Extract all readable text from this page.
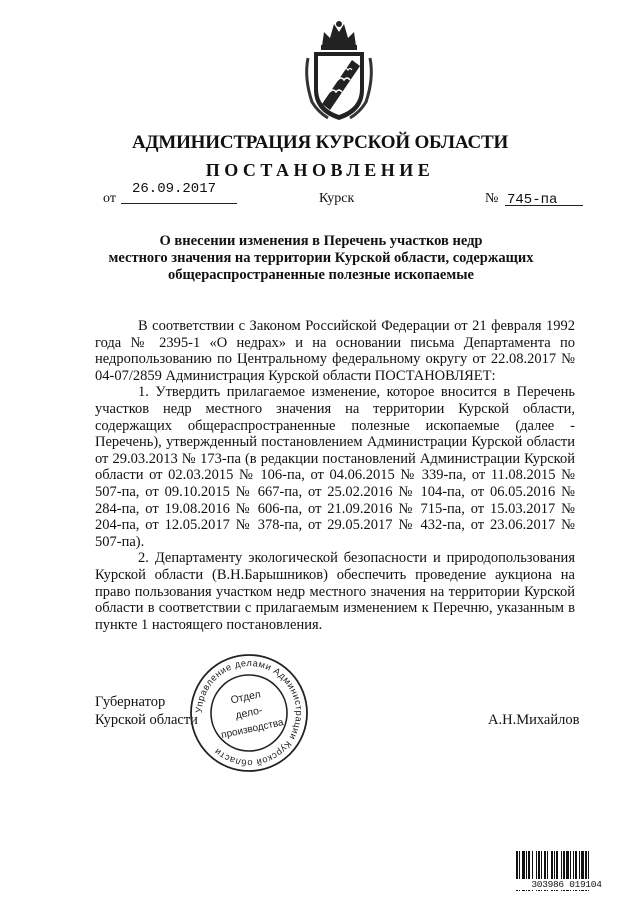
АДМИНИСТРАЦИЯ КУРСКОЙ ОБЛАСТИ
ПОСТАНОВЛЕНИЕ
от
26.09.2017
Курск	№ 745-па
О внесении изменения в Перечень участков недр
местного значения на территории Курской области, содержащих
общераспространенные полезные ископаемые

В соответствии с Законом Российской Федерации от 21 февраля 1992 года № 2395-1 «О недрах» и на основании письма Департамента по недропользованию по Центральному федеральному округу от 22.08.2017 № 04-07/2859 Администрация Курской области ПОСТАНОВЛЯЕТ:

1. Утвердить прилагаемое изменение, которое вносится в Перечень участков недр местного значения на территории Курской области, содержащих общераспространенные полезные ископаемые (далее - Перечень), утвержденный постановлением Администрации Курской области от 29.03.2013 № 173-па (в редакции постановлений Администрации Курской области от 02.03.2015 № 106-па, от 04.06.2015 № 339-па, от 11.08.2015 № 507-па, от 09.10.2015 № 667-па, от 25.02.2016 № 104-па, от 06.05.2016 № 284-па, от 19.08.2016 № 606-па, от 21.09.2016 № 715-па, от 15.03.2017 № 204-па, от 12.05.2017 № 378-па, от 29.05.2017 № 432-па, от 23.06.2017 № 507-па).

2. Департаменту экологической безопасности и природопользования Курской области (В.Н.Барышников) обеспечить проведение аукциона на право пользования участком недр местного значения на территории Курской области в соответствии с прилагаемым изменением к Перечню, указанным в пункте 1 настоящего постановления.

Губернатор
Курской области	А.Н.Михайлов
Управление делами Администрации Курской области
Отдел
дело-
производства
303986 019104
